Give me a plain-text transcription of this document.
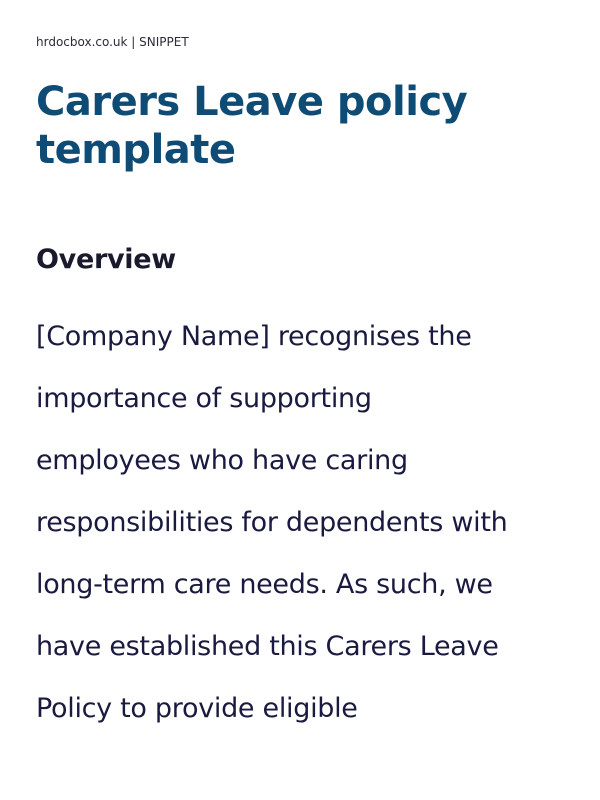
hrdocbox.co.uk | SNIPPET
Carers Leave policy template
Overview

[Company Name] recognises the
importance of supporting
employees who have caring
responsibilities for dependents with
long-term care needs. As such, we
have established this Carers Leave
Policy to provide eligible
